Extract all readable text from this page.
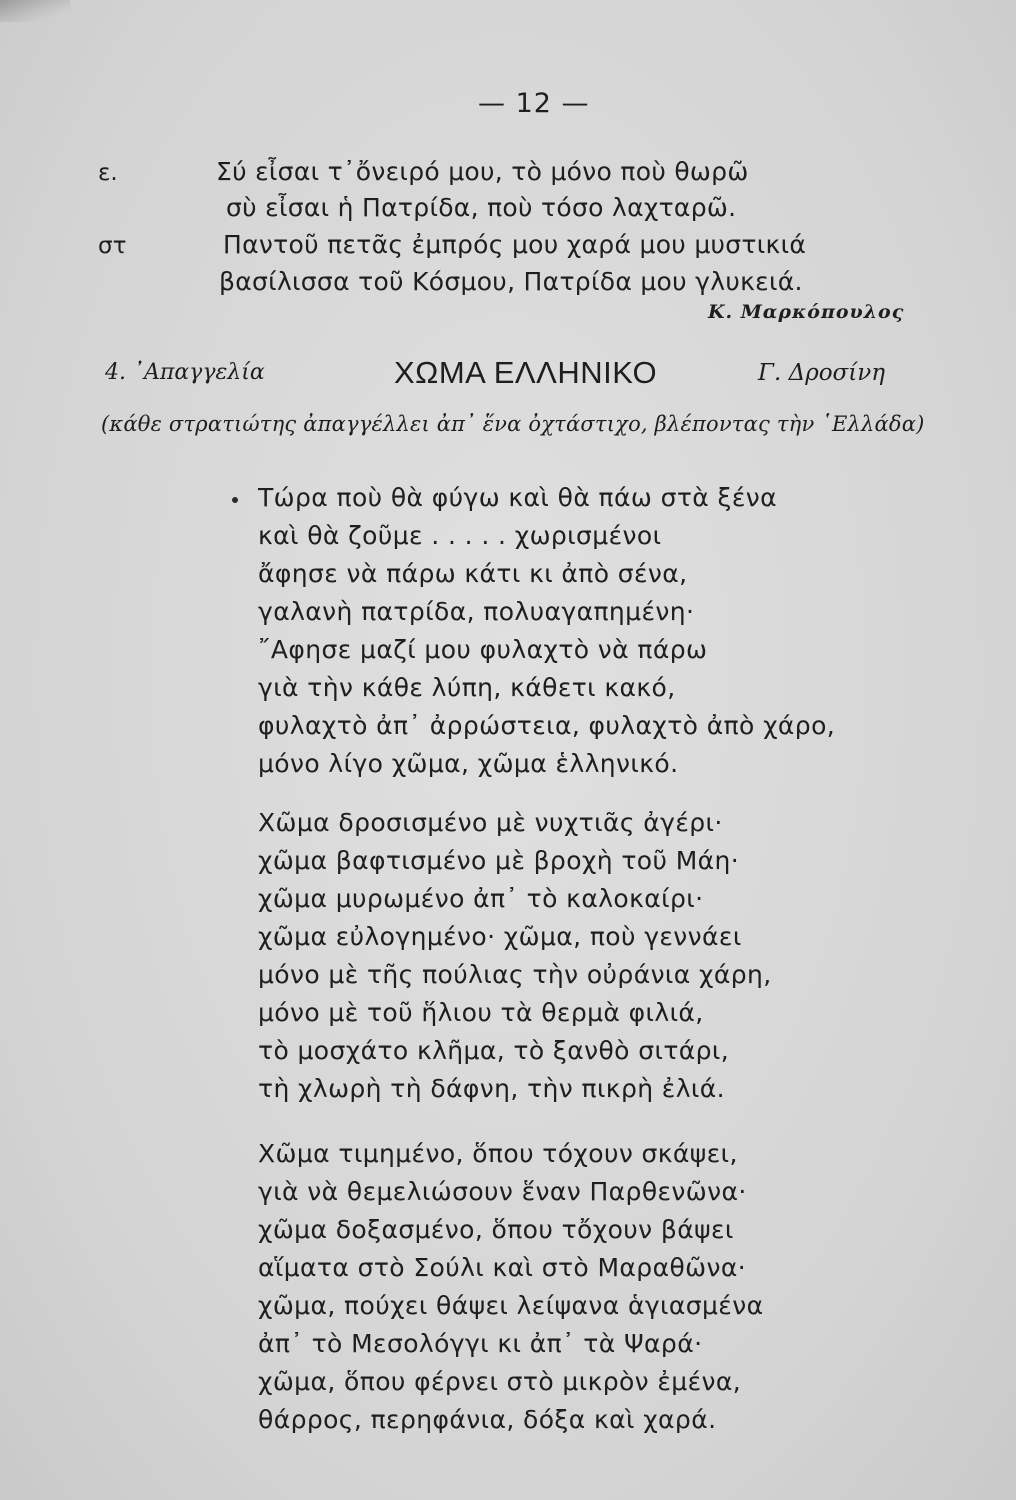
— 12 —
ε.	Σύ εἶσαι τ᾽ὄνειρό μου, τὸ μόνο ποὺ θωρῶ
σὺ εἶσαι ἡ Πατρίδα, ποὺ τόσο λαχταρῶ.
στ	Παντοῦ πετᾶς ἐμπρός μου χαρά μου μυστικιά
βασίλισσα τοῦ Κόσμου, Πατρίδα μου γλυκειά.
Κ. Μαρκόπουλος
4. ᾿Απαγγελία	ΧΩΜΑ ΕΛΛΗΝΙΚΟ	Γ. Δροσίνη
(κάθε στρατιώτης ἀπαγγέλλει ἀπ᾽ ἕνα ὀχτάστιχο, βλέποντας τὴν ῾Ελλάδα)
Τώρα ποὺ θὰ φύγω καὶ θὰ πάω στὰ ξένα
καὶ θὰ ζοῦμε . . . . . χωρισμένοι
ἄφησε νὰ πάρω κάτι κι ἀπὸ σένα,
γαλανὴ πατρίδα, πολυαγαπημένη·
῎Αφησε μαζί μου φυλαχτὸ νὰ πάρω
γιὰ τὴν κάθε λύπη, κάθετι κακό,
φυλαχτὸ ἀπ᾽ ἀρρώστεια, φυλαχτὸ ἀπὸ χάρο,
μόνο λίγο χῶμα, χῶμα ἑλληνικό.
Χῶμα δροσισμένο μὲ νυχτιᾶς ἀγέρι·
χῶμα βαφτισμένο μὲ βροχὴ τοῦ Μάη·
χῶμα μυρωμένο ἀπ᾽ τὸ καλοκαίρι·
χῶμα εὐλογημένο· χῶμα, ποὺ γεννάει
μόνο μὲ τῆς πούλιας τὴν οὐράνια χάρη,
μόνο μὲ τοῦ ἥλιου τὰ θερμὰ φιλιά,
τὸ μοσχάτο κλῆμα, τὸ ξανθὸ σιτάρι,
τὴ χλωρὴ τὴ δάφνη, τὴν πικρὴ ἐλιά.
Χῶμα τιμημένο, ὅπου τόχουν σκάψει,
γιὰ νὰ θεμελιώσουν ἕναν Παρθενῶνα·
χῶμα δοξασμένο, ὅπου τὄχουν βάψει
αἵματα στὸ Σούλι καὶ στὸ Μαραθῶνα·
χῶμα, πούχει θάψει λείψανα ἁγιασμένα
ἀπ᾽ τὸ Μεσολόγγι κι ἀπ᾽ τὰ Ψαρά·
χῶμα, ὅπου φέρνει στὸ μικρὸν ἐμένα,
θάρρος, περηφάνια, δόξα καὶ χαρά.
